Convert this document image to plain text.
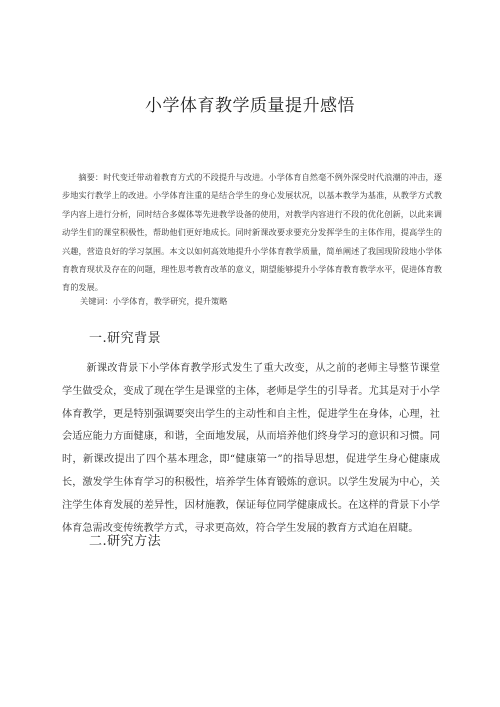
小学体育教学质量提升感悟
摘要：时代变迁带动着教育方式的不段提升与改进。小学体育自然毫不例外深受时代浪潮的冲击，逐步地实行教学上的改进。小学体育注重的是结合学生的身心发展状况，以基本教学为基准，从教学方式教学内容上进行分析，同时结合多媒体等先进教学设备的使用，对教学内容进行不段的优化创新，以此来调动学生们的课堂积极性，帮助他们更好地成长。同时新课改要求要充分发挥学生的主体作用，提高学生的兴趣，营造良好的学习氛围。本文以如何高效地提升小学体育教学质量，简单阐述了我国现阶段地小学体育教育现状及存在的问题，理性思考教育改革的意义，期望能够提升小学体育教育教学水平，促进体育教育的发展。
关键词：小学体育，教学研究，提升策略
一.研究背景
新课改背景下小学体育教学形式发生了重大改变，从之前的老师主导整节课堂学生做受众，变成了现在学生是课堂的主体，老师是学生的引导者。尤其是对于小学体育教学，更是特别强调要突出学生的主动性和自主性，促进学生在身体，心理，社会适应能力方面健康，和谐，全面地发展，从而培养他们终身学习的意识和习惯。同时，新课改提出了四个基本理念，即“健康第一”的指导思想，促进学生身心健康成长，激发学生体育学习的积极性，培养学生体育锻炼的意识。以学生发展为中心，关注学生体育发展的差异性，因材施教，保证每位同学健康成长。在这样的背景下小学体育急需改变传统教学方式，寻求更高效，符合学生发展的教育方式迫在眉睫。
二.研究方法
